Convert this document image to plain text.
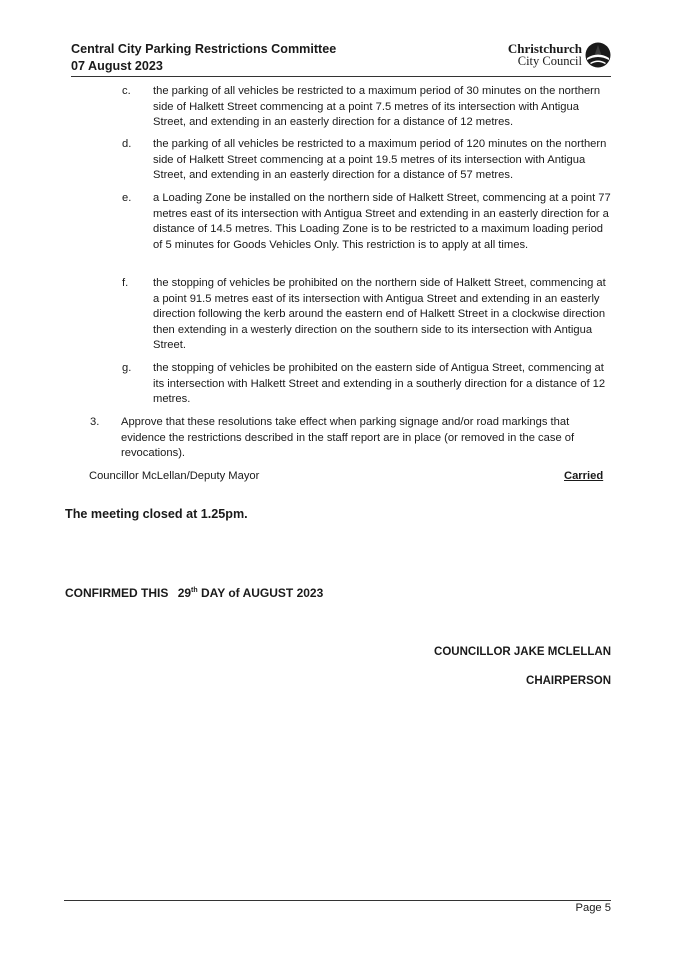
Central City Parking Restrictions Committee
07 August 2023
Christchurch
City Council
c. the parking of all vehicles be restricted to a maximum period of 30 minutes on the northern side of Halkett Street commencing at a point 7.5 metres of its intersection with Antigua Street, and extending in an easterly direction for a distance of 12 metres.
d. the parking of all vehicles be restricted to a maximum period of 120 minutes on the northern side of Halkett Street commencing at a point 19.5 metres of its intersection with Antigua Street, and extending in an easterly direction for a distance of 57 metres.
e. a Loading Zone be installed on the northern side of Halkett Street, commencing at a point 77 metres east of its intersection with Antigua Street and extending in an easterly direction for a distance of 14.5 metres. This Loading Zone is to be restricted to a maximum loading period of 5 minutes for Goods Vehicles Only. This restriction is to apply at all times.
f. the stopping of vehicles be prohibited on the northern side of Halkett Street, commencing at a point 91.5 metres east of its intersection with Antigua Street and extending in an easterly direction following the kerb around the eastern end of Halkett Street in a clockwise direction then extending in a westerly direction on the southern side to its intersection with Antigua Street.
g. the stopping of vehicles be prohibited on the eastern side of Antigua Street, commencing at its intersection with Halkett Street and extending in a southerly direction for a distance of 12 metres.
3. Approve that these resolutions take effect when parking signage and/or road markings that evidence the restrictions described in the staff report are in place (or removed in the case of revocations).
Councillor McLellan/Deputy Mayor	Carried
The meeting closed at 1.25pm.
CONFIRMED THIS 29th DAY of AUGUST 2023
COUNCILLOR JAKE MCLELLAN
CHAIRPERSON
Page 5
